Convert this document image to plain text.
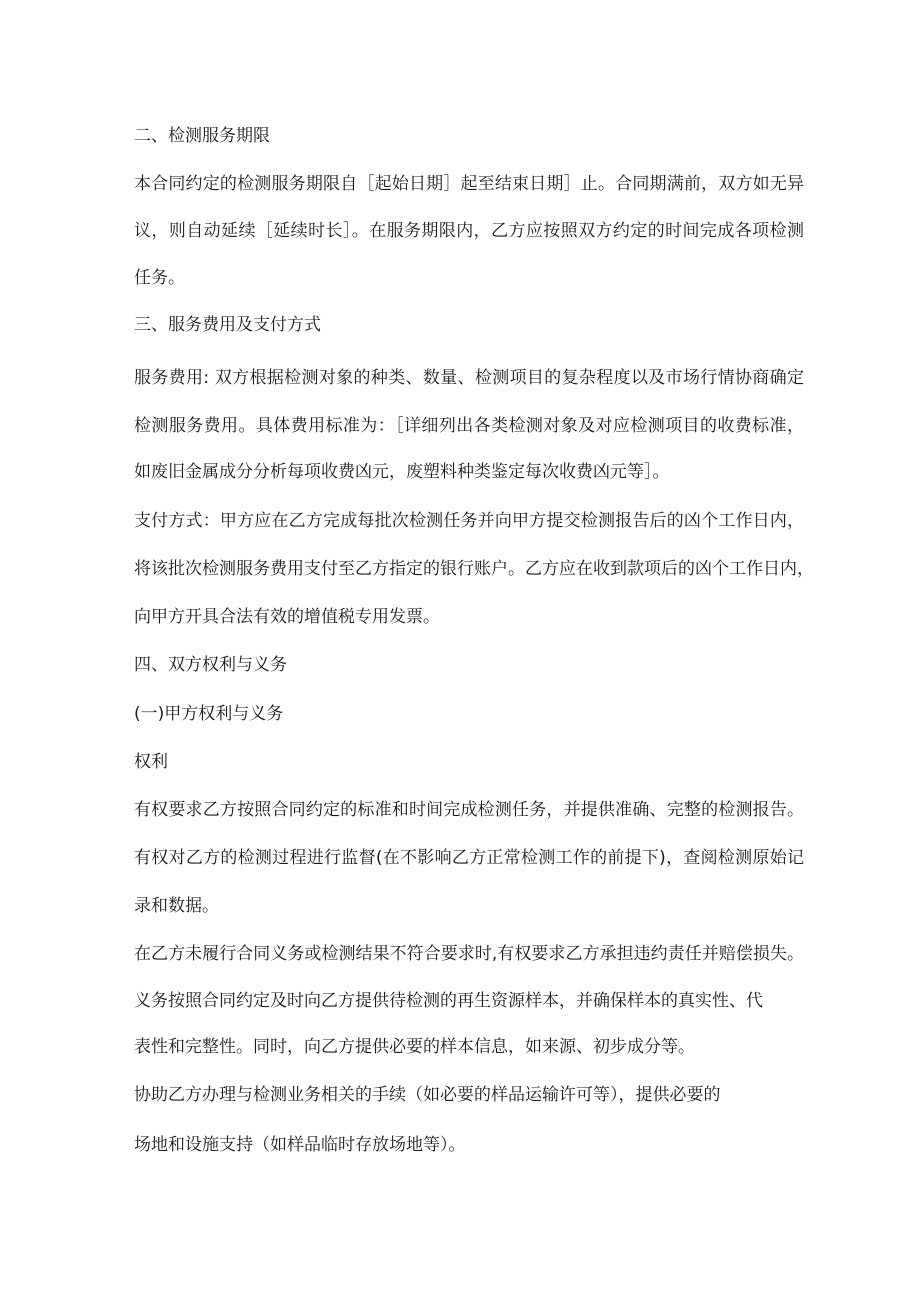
二、检测服务期限
本合同约定的检测服务期限自［起始日期］起至结束日期］止。合同期满前，双方如无异
议，则自动延续［延续时长］。在服务期限内，乙方应按照双方约定的时间完成各项检测
任务。
三、服务费用及支付方式
服务费用: 双方根据检测对象的种类、数量、检测项目的复杂程度以及市场行情协商确定
检测服务费用。具体费用标准为：［详细列出各类检测对象及对应检测项目的收费标准，
如废旧金属成分分析每项收费凶元，废塑料种类鉴定每次收费凶元等］。
支付方式：甲方应在乙方完成每批次检测任务并向甲方提交检测报告后的凶个工作日内，
将该批次检测服务费用支付至乙方指定的银行账户。乙方应在收到款项后的凶个工作日内，
向甲方开具合法有效的增值税专用发票。
四、双方权利与义务
(一)甲方权利与义务
权利
有权要求乙方按照合同约定的标准和时间完成检测任务，并提供准确、完整的检测报告。
有权对乙方的检测过程进行监督(在不影响乙方正常检测工作的前提下)，查阅检测原始记
录和数据。
在乙方未履行合同义务或检测结果不符合要求时,有权要求乙方承担违约责任并赔偿损失。
义务按照合同约定及时向乙方提供待检测的再生资源样本，并确保样本的真实性、代
表性和完整性。同时，向乙方提供必要的样本信息，如来源、初步成分等。
协助乙方办理与检测业务相关的手续（如必要的样品运输许可等），提供必要的
场地和设施支持（如样品临时存放场地等）。
